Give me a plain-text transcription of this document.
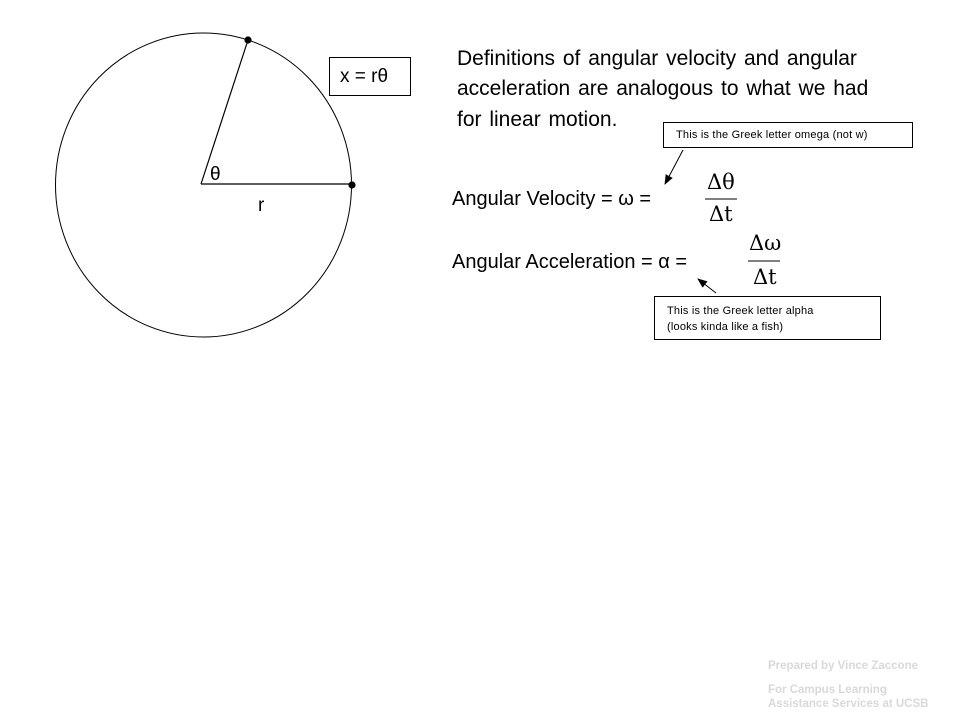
θ
r
Definitions of angular velocity and angular
acceleration are analogous to what we had
for linear motion.
x = rθ
This is the Greek letter omega (not w)
Angular Velocity = ω =
Δθ
Δt
Angular Acceleration = α =
Δω
Δt
This is the Greek letter alpha
(looks kinda like a fish)
Prepared by Vince Zaccone
For Campus Learning
Assistance Services at UCSB
